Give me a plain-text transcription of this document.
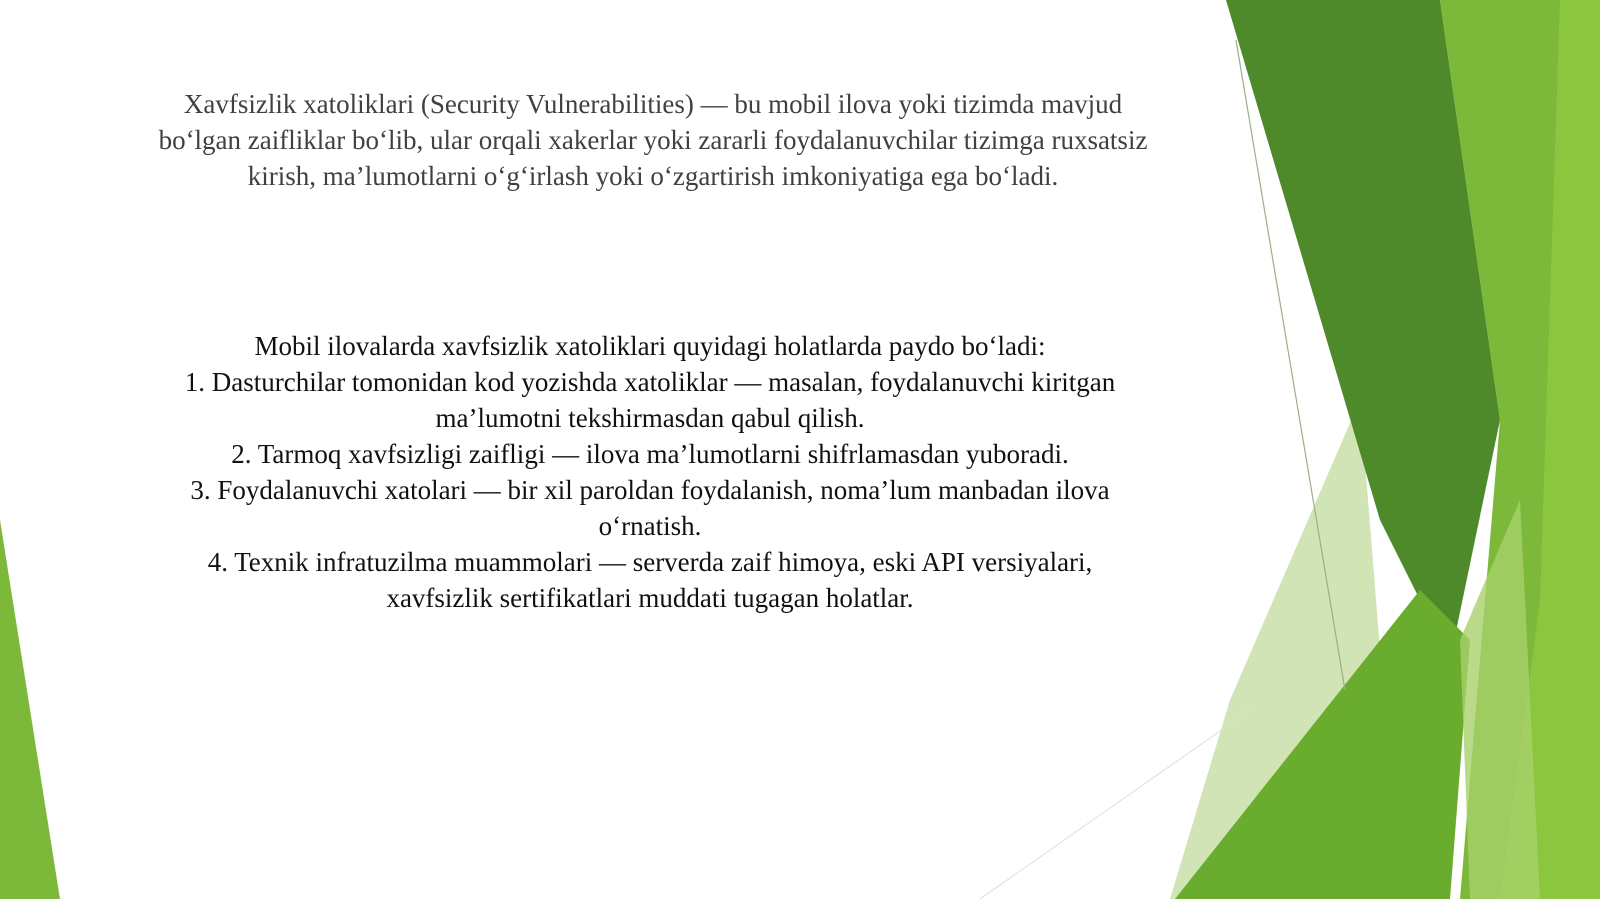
Xavfsizlik xatoliklari (Security Vulnerabilities) — bu mobil ilova yoki tizimda mavjud
bo‘lgan zaifliklar bo‘lib, ular orqali xakerlar yoki zararli foydalanuvchilar tizimga ruxsatsiz
kirish, ma’lumotlarni o‘g‘irlash yoki o‘zgartirish imkoniyatiga ega bo‘ladi.
Mobil ilovalarda xavfsizlik xatoliklari quyidagi holatlarda paydo bo‘ladi:
1. Dasturchilar tomonidan kod yozishda xatoliklar — masalan, foydalanuvchi kiritgan
ma’lumotni tekshirmasdan qabul qilish.
2. Tarmoq xavfsizligi zaifligi — ilova ma’lumotlarni shifrlamasdan yuboradi.
3. Foydalanuvchi xatolari — bir xil paroldan foydalanish, noma’lum manbadan ilova
o‘rnatish.
4. Texnik infratuzilma muammolari — serverda zaif himoya, eski API versiyalari,
xavfsizlik sertifikatlari muddati tugagan holatlar.
